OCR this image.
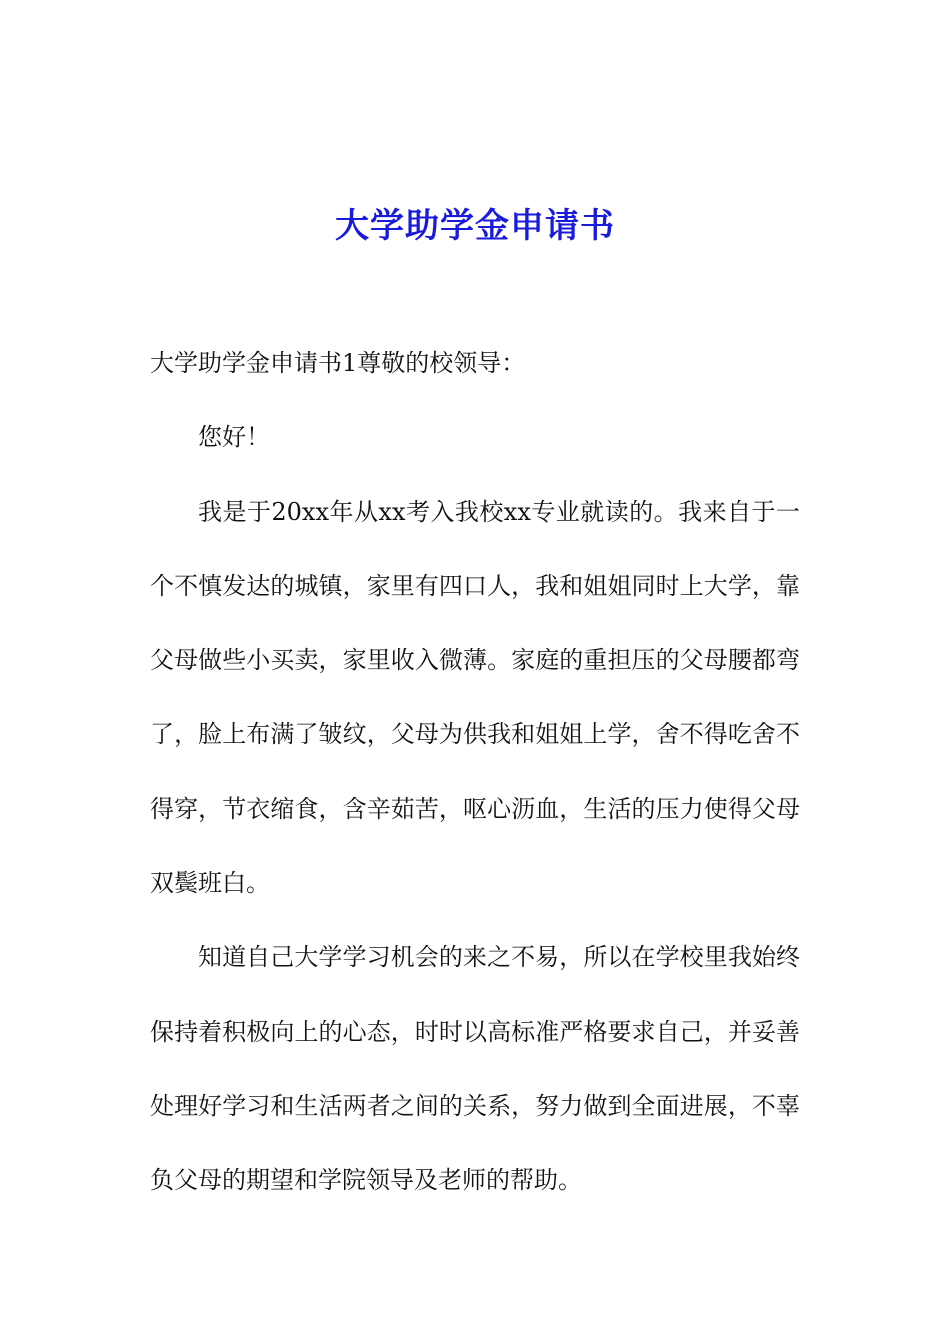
大学助学金申请书

大学助学金申请书1尊敬的校领导：

您好！

我是于20xx年从xx考入我校xx专业就读的。我来自于一个不慎发达的城镇，家里有四口人，我和姐姐同时上大学，靠父母做些小买卖，家里收入微薄。家庭的重担压的父母腰都弯了，脸上布满了皱纹，父母为供我和姐姐上学，舍不得吃舍不得穿，节衣缩食，含辛茹苦，呕心沥血，生活的压力使得父母双鬓班白。

知道自己大学学习机会的来之不易，所以在学校里我始终保持着积极向上的心态，时时以高标准严格要求自己，并妥善处理好学习和生活两者之间的关系，努力做到全面进展，不辜负父母的期望和学院领导及老师的帮助。
